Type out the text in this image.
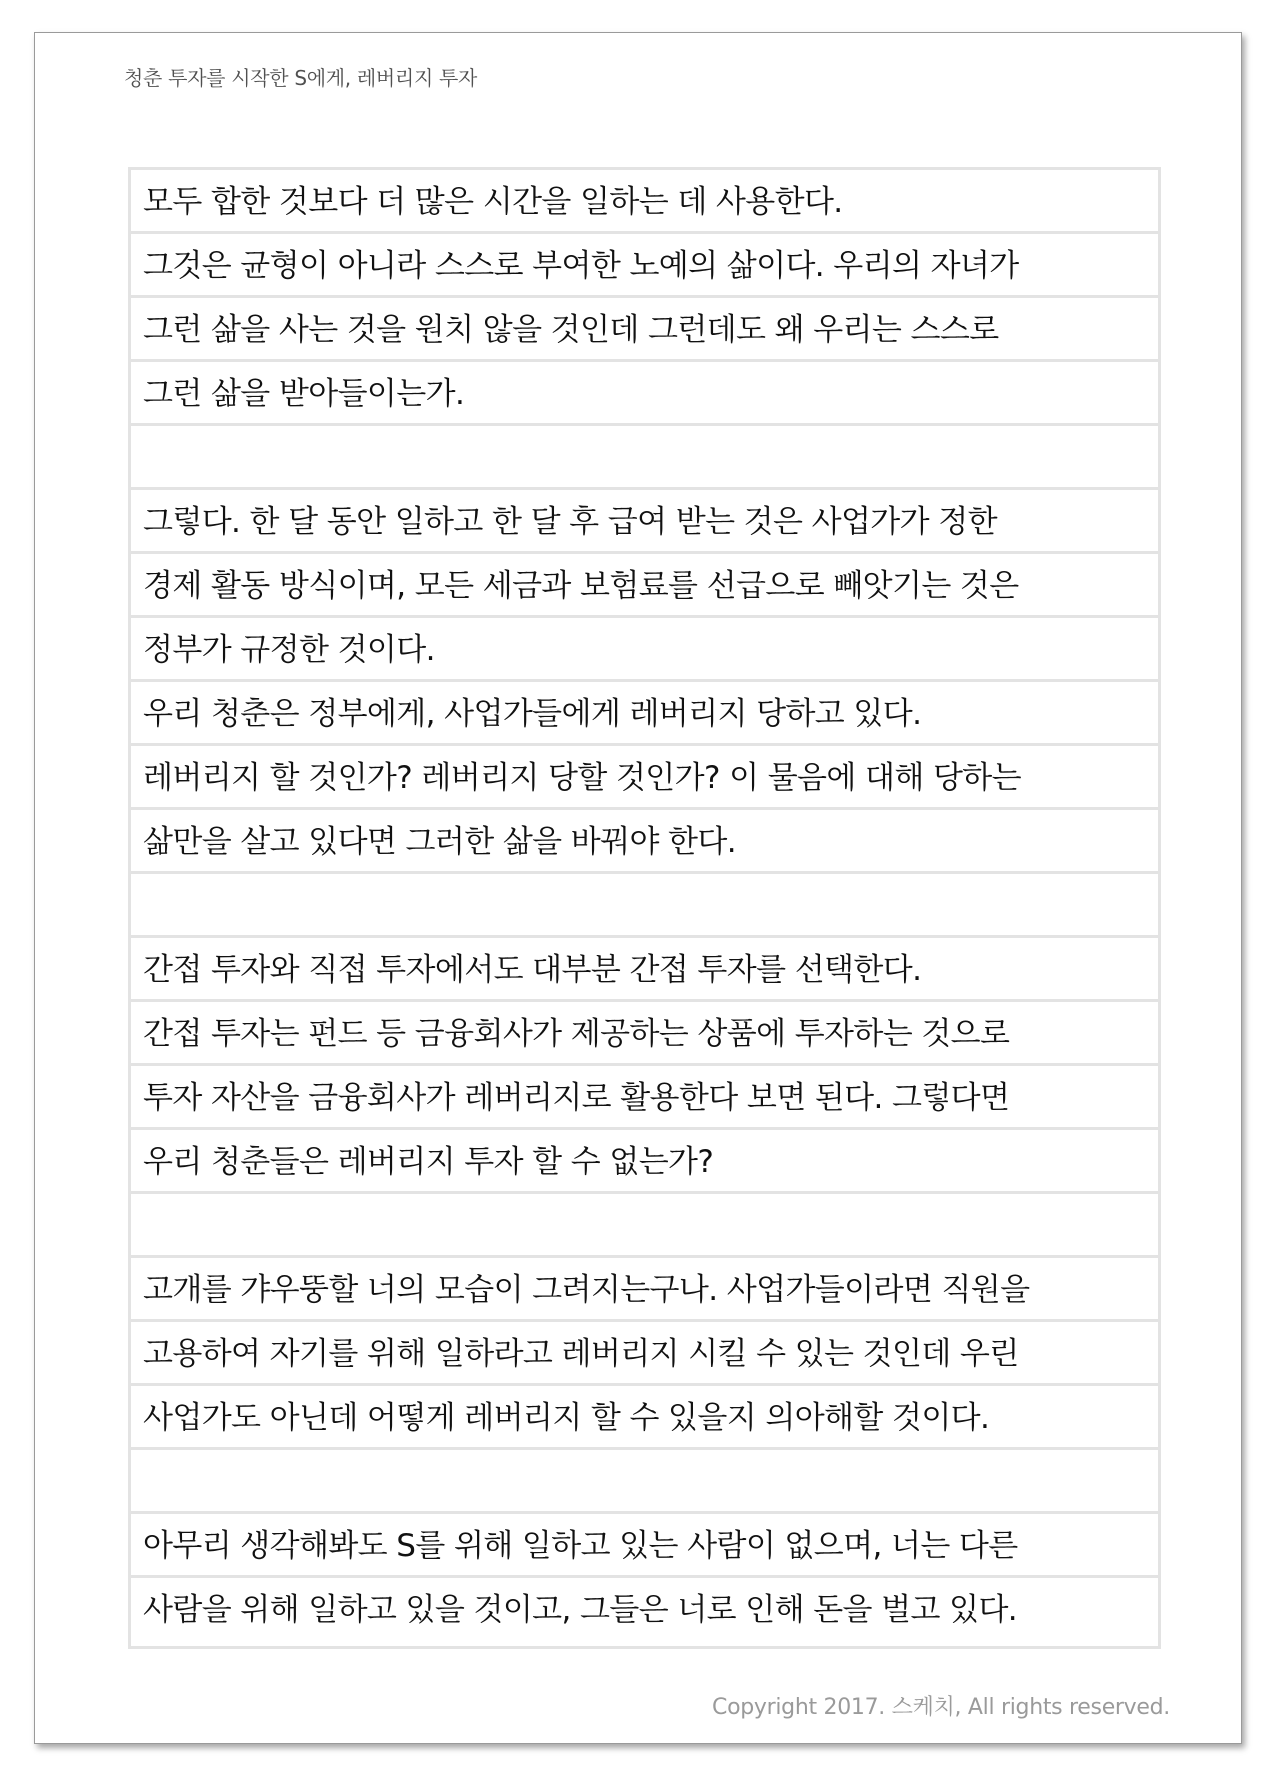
청춘 투자를 시작한 S에게, 레버리지 투자
모두 합한 것보다 더 많은 시간을 일하는 데 사용한다.
그것은 균형이 아니라 스스로 부여한 노예의 삶이다. 우리의 자녀가
그런 삶을 사는 것을 원치 않을 것인데 그런데도 왜 우리는 스스로
그런 삶을 받아들이는가.
그렇다. 한 달 동안 일하고 한 달 후 급여 받는 것은 사업가가 정한
경제 활동 방식이며, 모든 세금과 보험료를 선급으로 빼앗기는 것은
정부가 규정한 것이다.
우리 청춘은 정부에게, 사업가들에게 레버리지 당하고 있다.
레버리지 할 것인가? 레버리지 당할 것인가? 이 물음에 대해 당하는
삶만을 살고 있다면 그러한 삶을 바꿔야 한다.
간접 투자와 직접 투자에서도 대부분 간접 투자를 선택한다.
간접 투자는 펀드 등 금융회사가 제공하는 상품에 투자하는 것으로
투자 자산을 금융회사가 레버리지로 활용한다 보면 된다. 그렇다면
우리 청춘들은 레버리지 투자 할 수 없는가?
고개를 갸우뚱할 너의 모습이 그려지는구나. 사업가들이라면 직원을
고용하여 자기를 위해 일하라고 레버리지 시킬 수 있는 것인데 우린
사업가도 아닌데 어떻게 레버리지 할 수 있을지 의아해할 것이다.
아무리 생각해봐도 S를 위해 일하고 있는 사람이 없으며, 너는 다른
사람을 위해 일하고 있을 것이고, 그들은 너로 인해 돈을 벌고 있다.
Copyright 2017. 스케치, All rights reserved.
